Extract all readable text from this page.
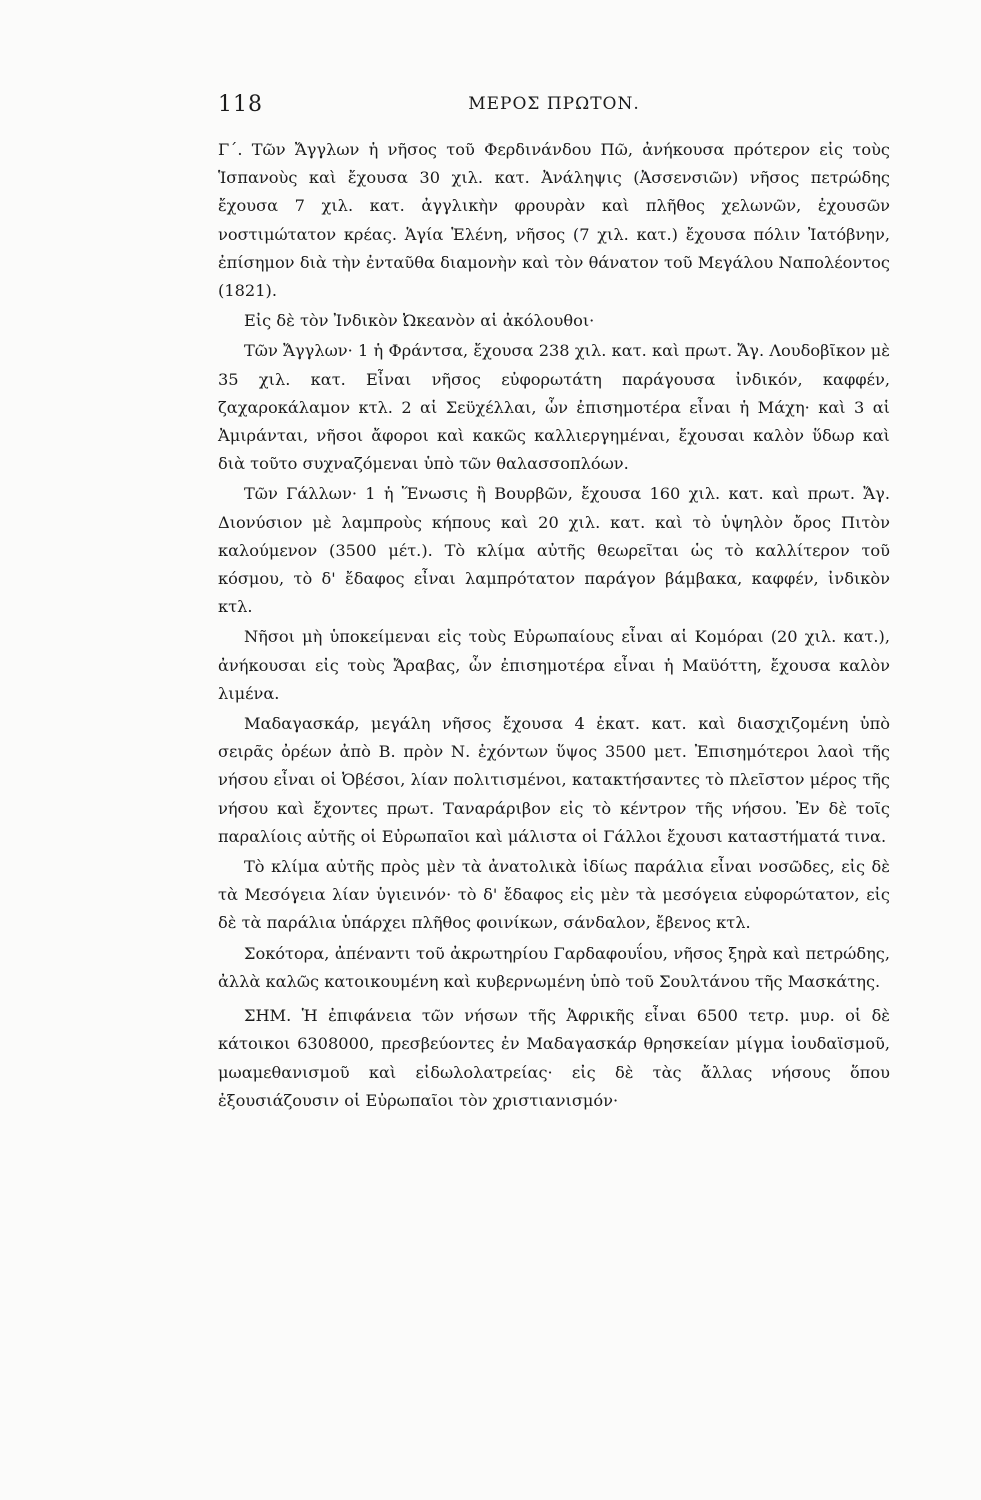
118	ΜΕΡΟΣ ΠΡΩΤΟΝ.

Γ΄. Τῶν Ἄγγλων ἡ νῆσος τοῦ Φερδινάνδου Πῶ, ἀνήκουσα πρότερον εἰς τοὺς Ἱσπανοὺς καὶ ἔχουσα 30 χιλ. κατ. Ἀνάληψις (Ἀσσενσιῶν) νῆσος πετρώδης ἔχουσα 7 χιλ. κατ. ἀγγλικὴν φρουρὰν καὶ πλῆθος χελωνῶν, ἐχουσῶν νοστιμώτατον κρέας. Ἁγία Ἑλένη, νῆσος (7 χιλ. κατ.) ἔχουσα πόλιν Ἰατόβνην, ἐπίσημον διὰ τὴν ἐνταῦθα διαμονὴν καὶ τὸν θάνατον τοῦ Μεγάλου Ναπολέοντος (1821).

Εἰς δὲ τὸν Ἰνδικὸν Ὠκεανὸν αἱ ἀκόλουθοι·

Τῶν Ἄγγλων· 1 ἡ Φράντσα, ἔχουσα 238 χιλ. κατ. καὶ πρωτ. Ἄγ. Λουδοβῖκον μὲ 35 χιλ. κατ. Εἶναι νῆσος εὐφορωτάτη παράγουσα ἰνδικόν, καφφέν, ζαχαροκάλαμον κτλ. 2 αἱ Σεϋχέλλαι, ὧν ἐπισημοτέρα εἶναι ἡ Μάχη· καὶ 3 αἱ Ἀμιράνται, νῆσοι ἄφοροι καὶ κακῶς καλλιεργημέναι, ἔχουσαι καλὸν ὕδωρ καὶ διὰ τοῦτο συχναζόμεναι ὑπὸ τῶν θαλασσοπλόων.

Τῶν Γάλλων· 1 ἡ Ἕνωσις ἢ Βουρβῶν, ἔχουσα 160 χιλ. κατ. καὶ πρωτ. Ἄγ. Διονύσιον μὲ λαμπροὺς κήπους καὶ 20 χιλ. κατ. καὶ τὸ ὑψηλὸν ὄρος Πιτὸν καλούμενον (3500 μέτ.). Τὸ κλίμα αὐτῆς θεωρεῖται ὡς τὸ καλλίτερον τοῦ κόσμου, τὸ δ' ἔδαφος εἶναι λαμπρότατον παράγον βάμβακα, καφφέν, ἰνδικὸν κτλ.

Νῆσοι μὴ ὑποκείμεναι εἰς τοὺς Εὐρωπαίους εἶναι αἱ Κομόραι (20 χιλ. κατ.), ἀνήκουσαι εἰς τοὺς Ἄραβας, ὧν ἐπισημοτέρα εἶναι ἡ Μαϋόττη, ἔχουσα καλὸν λιμένα.

Μαδαγασκάρ, μεγάλη νῆσος ἔχουσα 4 ἑκατ. κατ. καὶ διασχιζομένη ὑπὸ σειρᾶς ὀρέων ἀπὸ Β. πρὸν Ν. ἐχόντων ὕψος 3500 μετ. Ἐπισημότεροι λαοὶ τῆς νήσου εἶναι οἱ Ὀβέσοι, λίαν πολιτισμένοι, κατακτήσαντες τὸ πλεῖστον μέρος τῆς νήσου καὶ ἔχοντες πρωτ. Ταναράριβον εἰς τὸ κέντρον τῆς νήσου. Ἐν δὲ τοῖς παραλίοις αὐτῆς οἱ Εὐρωπαῖοι καὶ μάλιστα οἱ Γάλλοι ἔχουσι καταστήματά τινα.

Τὸ κλίμα αὐτῆς πρὸς μὲν τὰ ἀνατολικὰ ἰδίως παράλια εἶναι νοσῶδες, εἰς δὲ τὰ Μεσόγεια λίαν ὑγιεινόν· τὸ δ' ἔδαφος εἰς μὲν τὰ μεσόγεια εὐφορώτατον, εἰς δὲ τὰ παράλια ὑπάρχει πλῆθος φοινίκων, σάνδαλον, ἔβενος κτλ.

Σοκότορα, ἀπέναντι τοῦ ἀκρωτηρίου Γαρδαφουΐου, νῆσος ξηρὰ καὶ πετρώδης, ἀλλὰ καλῶς κατοικουμένη καὶ κυβερνωμένη ὑπὸ τοῦ Σουλτάνου τῆς Μασκάτης.

ΣΗΜ. Ἡ ἐπιφάνεια τῶν νήσων τῆς Ἀφρικῆς εἶναι 6500 τετρ. μυρ. οἱ δὲ κάτοικοι 6308000, πρεσβεύοντες ἐν Μαδαγασκάρ θρησκείαν μίγμα ἰουδαϊσμοῦ, μωαμεθανισμοῦ καὶ εἰδωλολατρείας· εἰς δὲ τὰς ἄλλας νήσους ὅπου ἐξουσιάζουσιν οἱ Εὐρωπαῖοι τὸν χριστιανισμόν·
